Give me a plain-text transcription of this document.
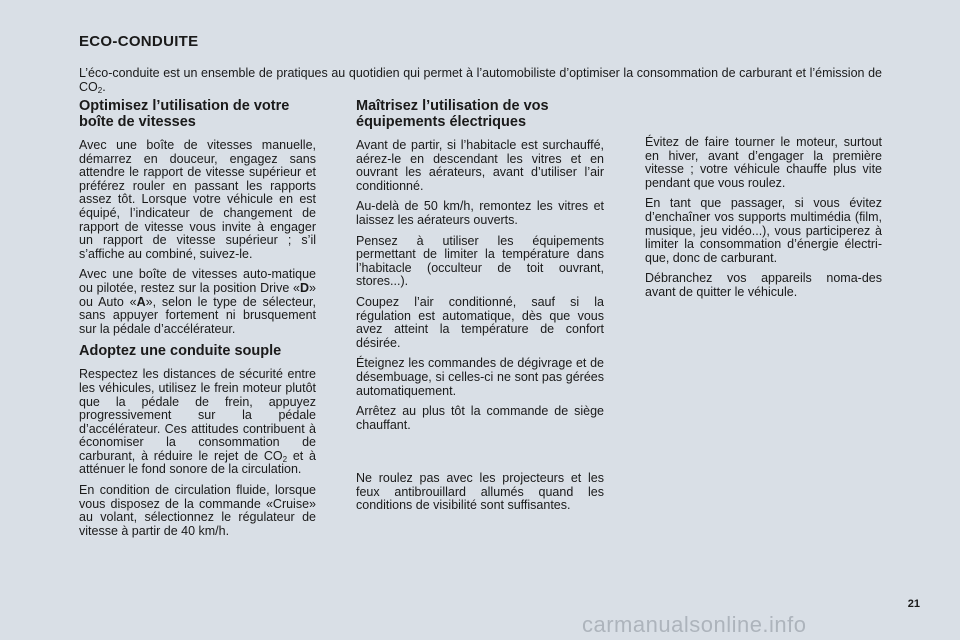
ECO-CONDUITE

L’éco-conduite est un ensemble de pratiques au quotidien qui permet à l’automobiliste d’optimiser la consommation de carburant et l’émission de $CO_2$.

Optimisez l’utilisation de votre boîte de vitesses

Avec une boîte de vitesses manuelle, démarrez en douceur, engagez sans attendre le rapport de vitesse supérieur et préférez rouler en passant les rapports assez tôt. Lorsque votre véhicule en est équipé, l’indicateur de changement de rapport de vitesse vous invite à engager un rapport de vitesse supérieur ; s’il s’affiche au combiné, suivez-le.

Avec une boîte de vitesses auto-matique ou pilotée, restez sur la position Drive «D» ou Auto «A», selon le type de sélecteur, sans appuyer fortement ni brusquement sur la pédale d’accélérateur.

Adoptez une conduite souple

Respectez les distances de sécurité entre les véhicules, utilisez le frein moteur plutôt que la pédale de frein, appuyez progressivement sur la pédale d’accélérateur. Ces attitudes contribuent à économiser la consommation de carburant, à réduire le rejet de $CO_2$ et à atténuer le fond sonore de la circulation.

En condition de circulation fluide, lorsque vous disposez de la commande «Cruise» au volant, sélectionnez le régulateur de vitesse à partir de 40 km/h.

Maîtrisez l’utilisation de vos équipements électriques

Avant de partir, si l’habitacle est surchauffé, aérez-le en descendant les vitres et en ouvrant les aérateurs, avant d’utiliser l’air conditionné.

Au-delà de 50 km/h, remontez les vitres et laissez les aérateurs ouverts.

Pensez à utiliser les équipements permettant de limiter la température dans l’habitacle (occulteur de toit ouvrant, stores...).

Coupez l’air conditionné, sauf si la régulation est automatique, dès que vous avez atteint la température de confort désirée.

Éteignez les commandes de dégivrage et de désembuage, si celles-ci ne sont pas gérées automatiquement.

Arrêtez au plus tôt la commande de siège chauffant.

Ne roulez pas avec les projecteurs et les feux antibrouillard allumés quand les conditions de visibilité sont suffisantes.

Évitez de faire tourner le moteur, surtout en hiver, avant d’engager la première vitesse ; votre véhicule chauffe plus vite pendant que vous roulez.

En tant que passager, si vous évitez d’enchaîner vos supports multimédia (film, musique, jeu vidéo...), vous participerez à limiter la consommation d’énergie électri-que, donc de carburant.

Débranchez vos appareils noma-des avant de quitter le véhicule.

21
carmanualsonline.info
